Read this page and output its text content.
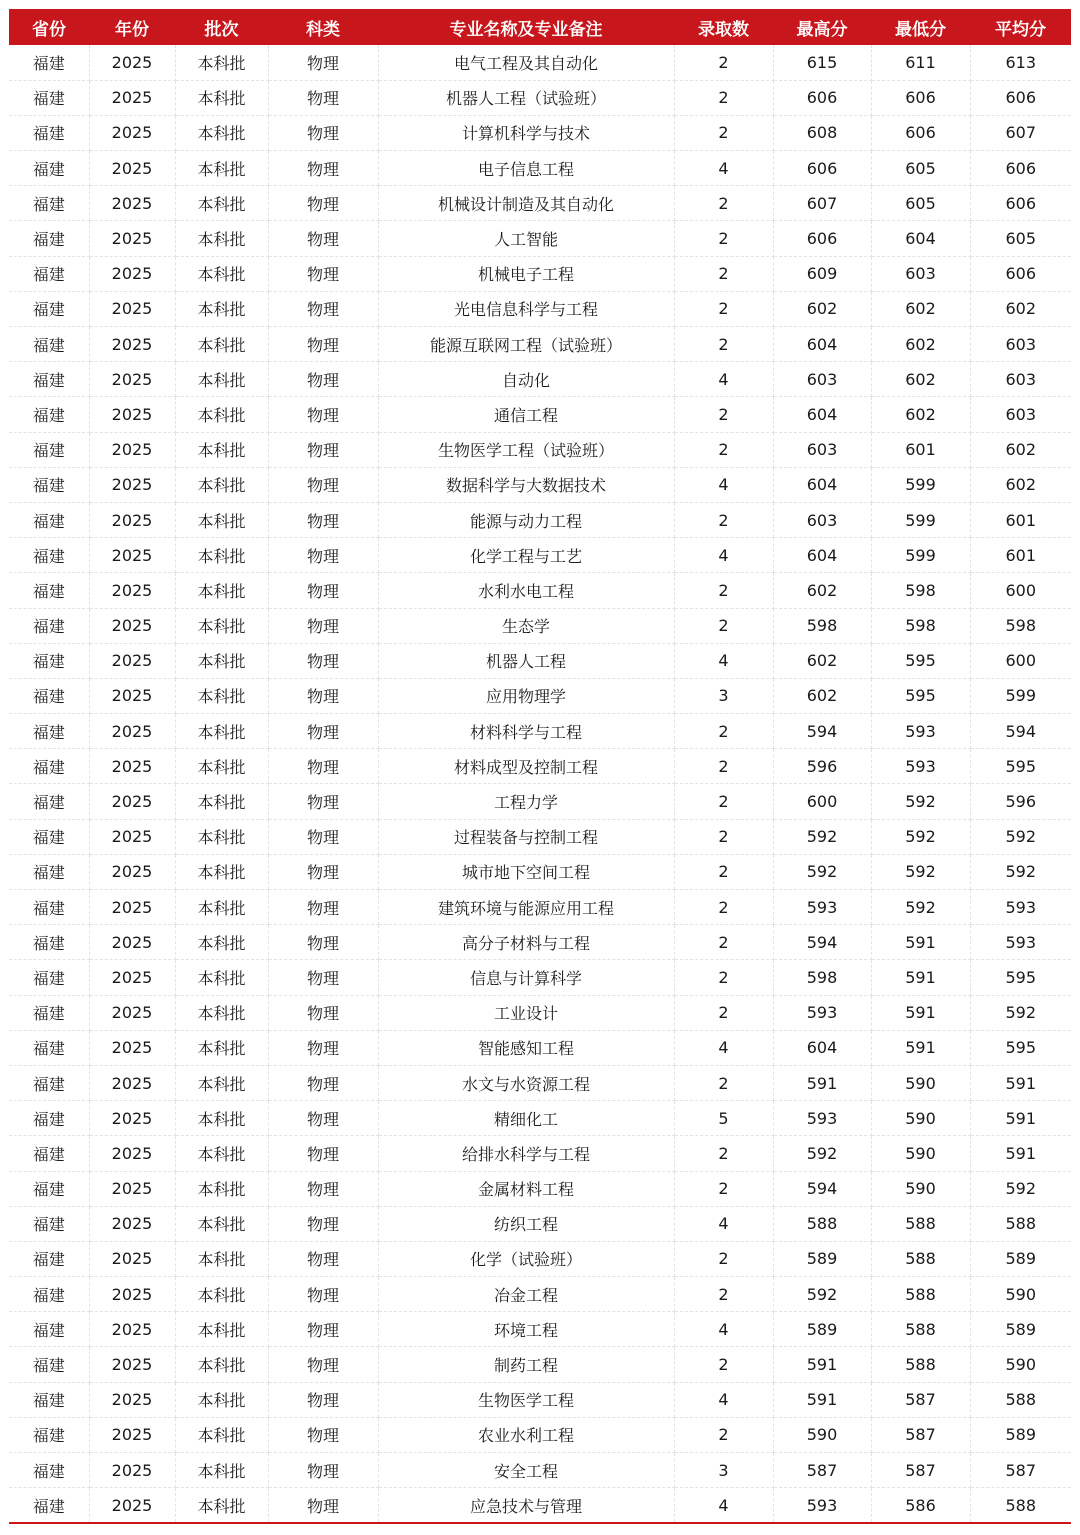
省份	年份	批次	科类	专业名称及专业备注	录取数	最高分	最低分	平均分
福建	2025	本科批	物理	电气工程及其自动化	2	615	611	613
福建	2025	本科批	物理	机器人工程（试验班）	2	606	606	606
福建	2025	本科批	物理	计算机科学与技术	2	608	606	607
福建	2025	本科批	物理	电子信息工程	4	606	605	606
福建	2025	本科批	物理	机械设计制造及其自动化	2	607	605	606
福建	2025	本科批	物理	人工智能	2	606	604	605
福建	2025	本科批	物理	机械电子工程	2	609	603	606
福建	2025	本科批	物理	光电信息科学与工程	2	602	602	602
福建	2025	本科批	物理	能源互联网工程（试验班）	2	604	602	603
福建	2025	本科批	物理	自动化	4	603	602	603
福建	2025	本科批	物理	通信工程	2	604	602	603
福建	2025	本科批	物理	生物医学工程（试验班）	2	603	601	602
福建	2025	本科批	物理	数据科学与大数据技术	4	604	599	602
福建	2025	本科批	物理	能源与动力工程	2	603	599	601
福建	2025	本科批	物理	化学工程与工艺	4	604	599	601
福建	2025	本科批	物理	水利水电工程	2	602	598	600
福建	2025	本科批	物理	生态学	2	598	598	598
福建	2025	本科批	物理	机器人工程	4	602	595	600
福建	2025	本科批	物理	应用物理学	3	602	595	599
福建	2025	本科批	物理	材料科学与工程	2	594	593	594
福建	2025	本科批	物理	材料成型及控制工程	2	596	593	595
福建	2025	本科批	物理	工程力学	2	600	592	596
福建	2025	本科批	物理	过程装备与控制工程	2	592	592	592
福建	2025	本科批	物理	城市地下空间工程	2	592	592	592
福建	2025	本科批	物理	建筑环境与能源应用工程	2	593	592	593
福建	2025	本科批	物理	高分子材料与工程	2	594	591	593
福建	2025	本科批	物理	信息与计算科学	2	598	591	595
福建	2025	本科批	物理	工业设计	2	593	591	592
福建	2025	本科批	物理	智能感知工程	4	604	591	595
福建	2025	本科批	物理	水文与水资源工程	2	591	590	591
福建	2025	本科批	物理	精细化工	5	593	590	591
福建	2025	本科批	物理	给排水科学与工程	2	592	590	591
福建	2025	本科批	物理	金属材料工程	2	594	590	592
福建	2025	本科批	物理	纺织工程	4	588	588	588
福建	2025	本科批	物理	化学（试验班）	2	589	588	589
福建	2025	本科批	物理	冶金工程	2	592	588	590
福建	2025	本科批	物理	环境工程	4	589	588	589
福建	2025	本科批	物理	制药工程	2	591	588	590
福建	2025	本科批	物理	生物医学工程	4	591	587	588
福建	2025	本科批	物理	农业水利工程	2	590	587	589
福建	2025	本科批	物理	安全工程	3	587	587	587
福建	2025	本科批	物理	应急技术与管理	4	593	586	588
